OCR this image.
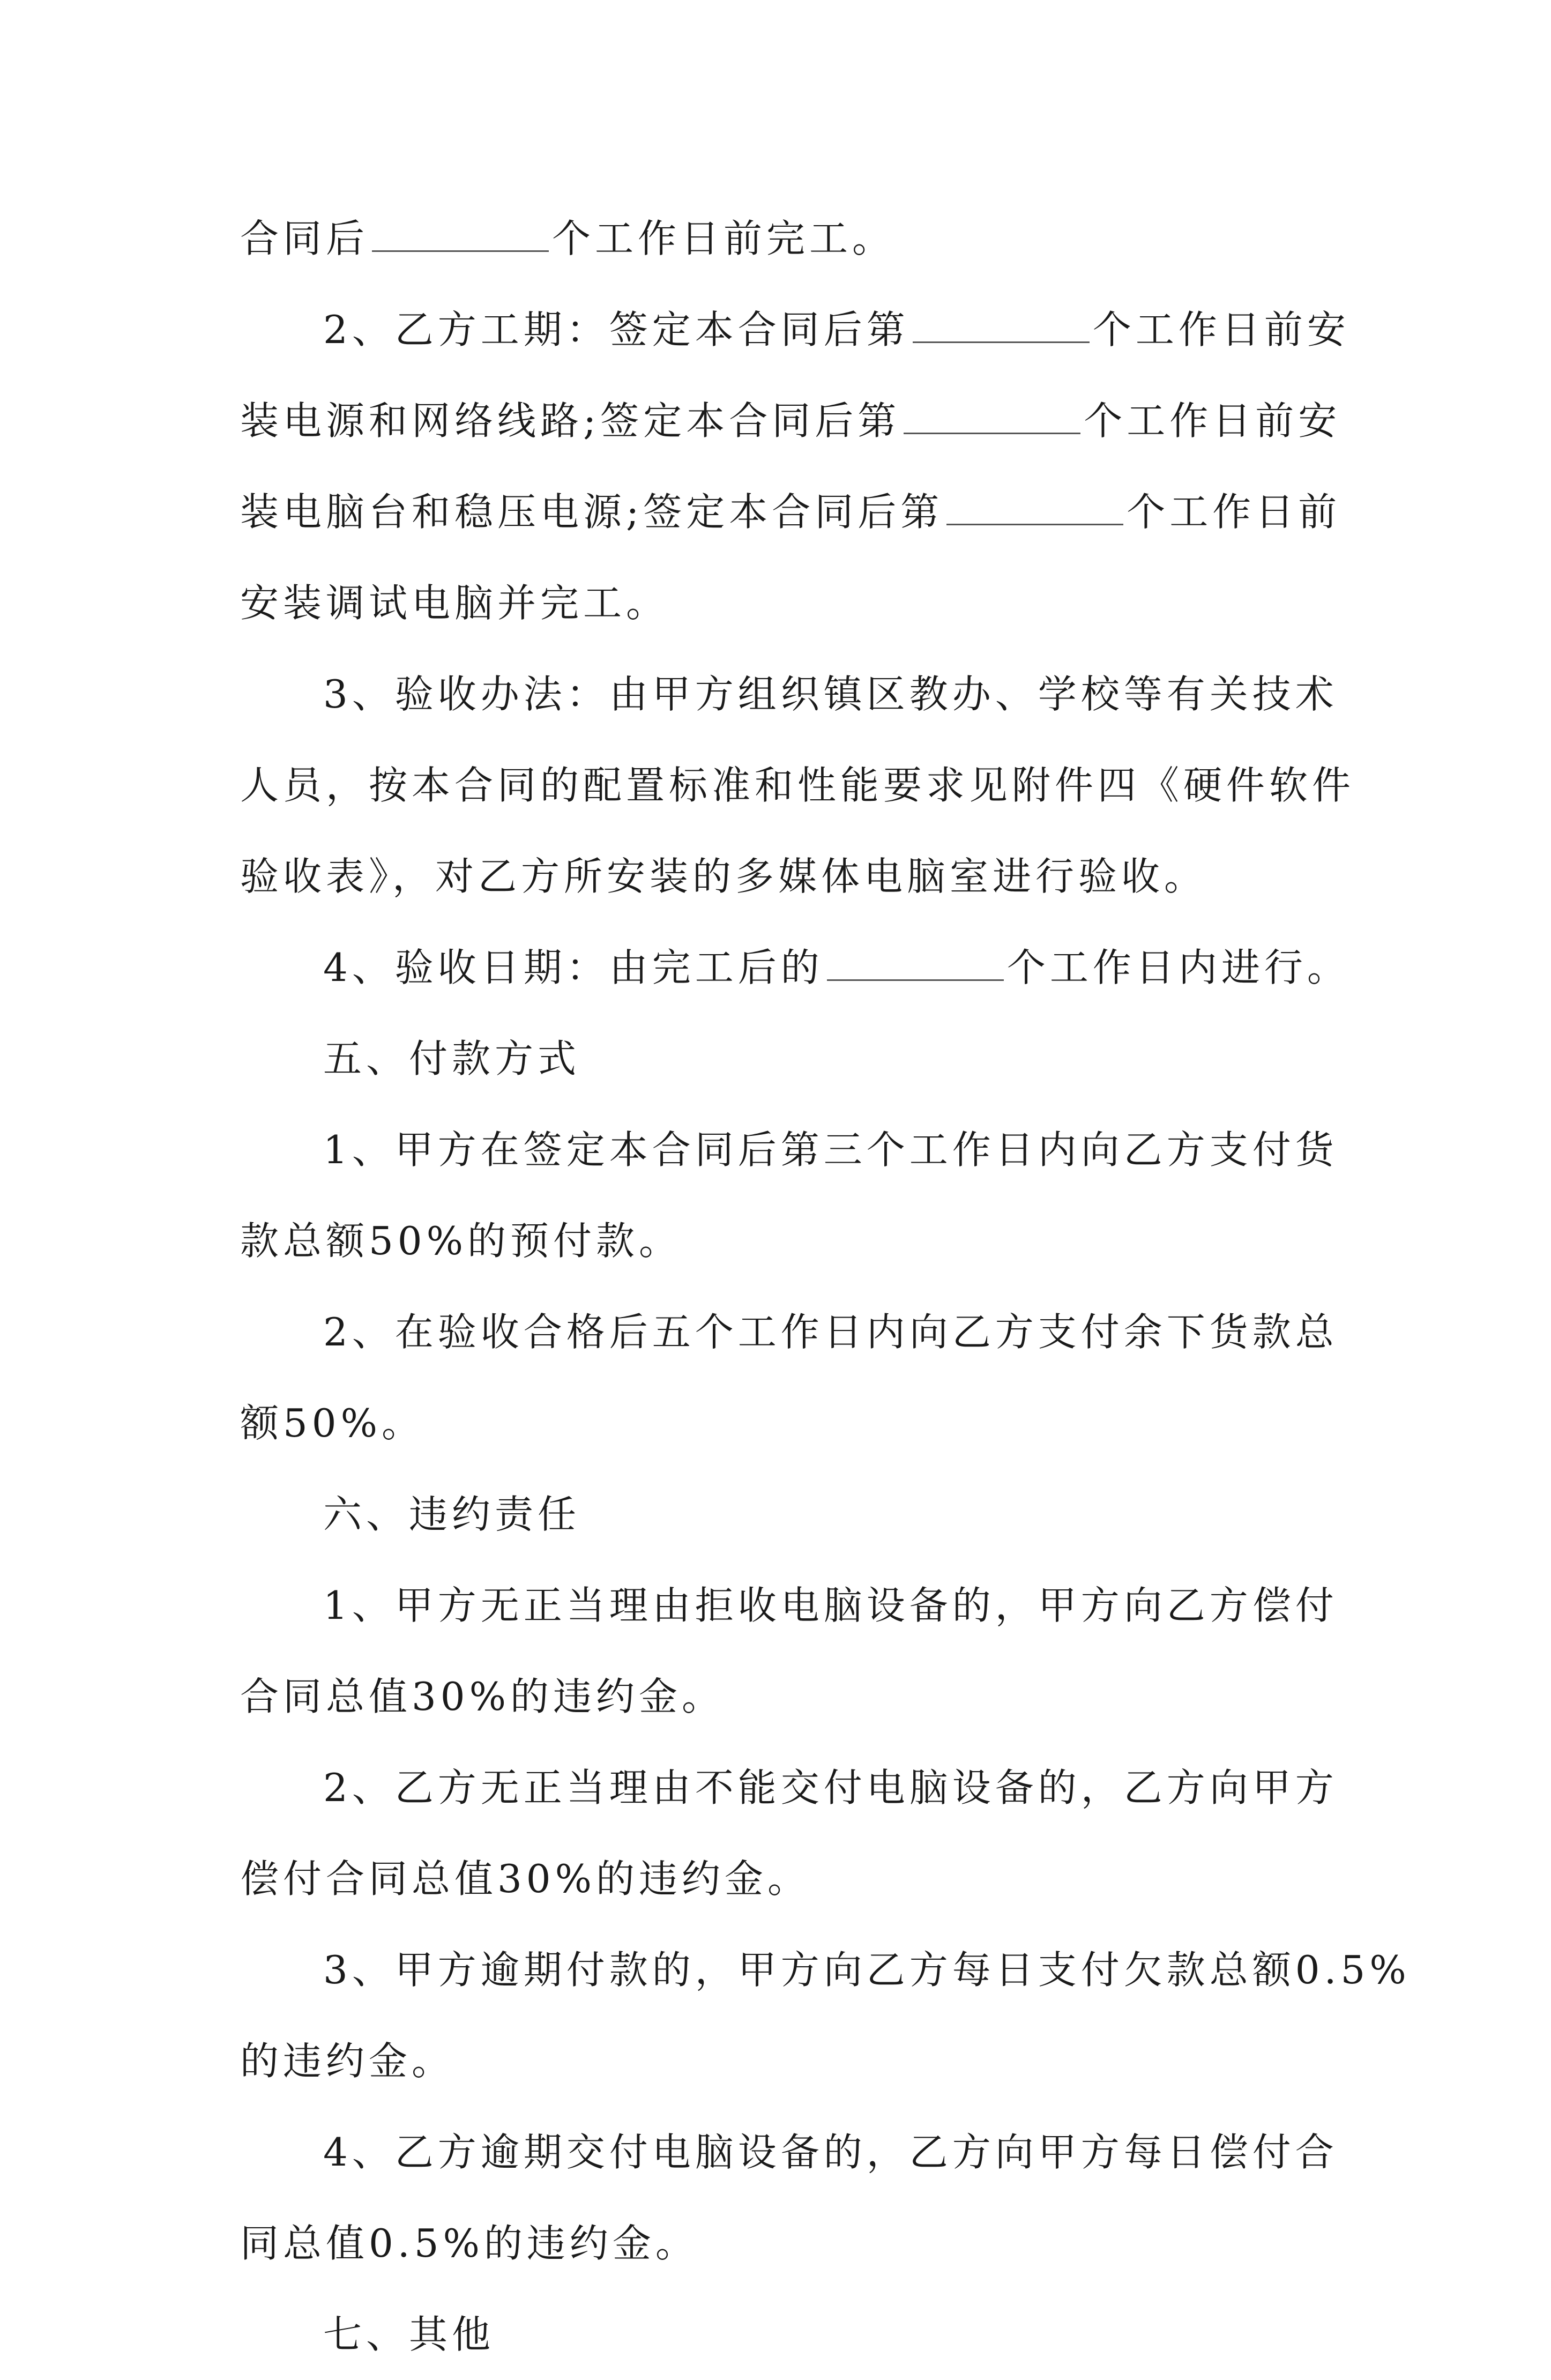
合同后	个工作日前完工。
2、乙方工期：签定本合同后第	个工作日前安
装电源和网络线路;签定本合同后第	个工作日前安
装电脑台和稳压电源;签定本合同后第	个工作日前
安装调试电脑并完工。
3、验收办法：由甲方组织镇区教办、学校等有关技术
人员，按本合同的配置标准和性能要求见附件四《硬件软件
验收表》，对乙方所安装的多媒体电脑室进行验收。
4、验收日期：由完工后的	个工作日内进行。
五、付款方式
1、甲方在签定本合同后第三个工作日内向乙方支付货
款总额50%的预付款。
2、在验收合格后五个工作日内向乙方支付余下货款总
额50%。
六、违约责任
1、甲方无正当理由拒收电脑设备的，甲方向乙方偿付
合同总值30%的违约金。
2、乙方无正当理由不能交付电脑设备的，乙方向甲方
偿付合同总值30%的违约金。
3、甲方逾期付款的，甲方向乙方每日支付欠款总额0.5%
的违约金。
4、乙方逾期交付电脑设备的，乙方向甲方每日偿付合
同总值0.5%的违约金。
七、其他
